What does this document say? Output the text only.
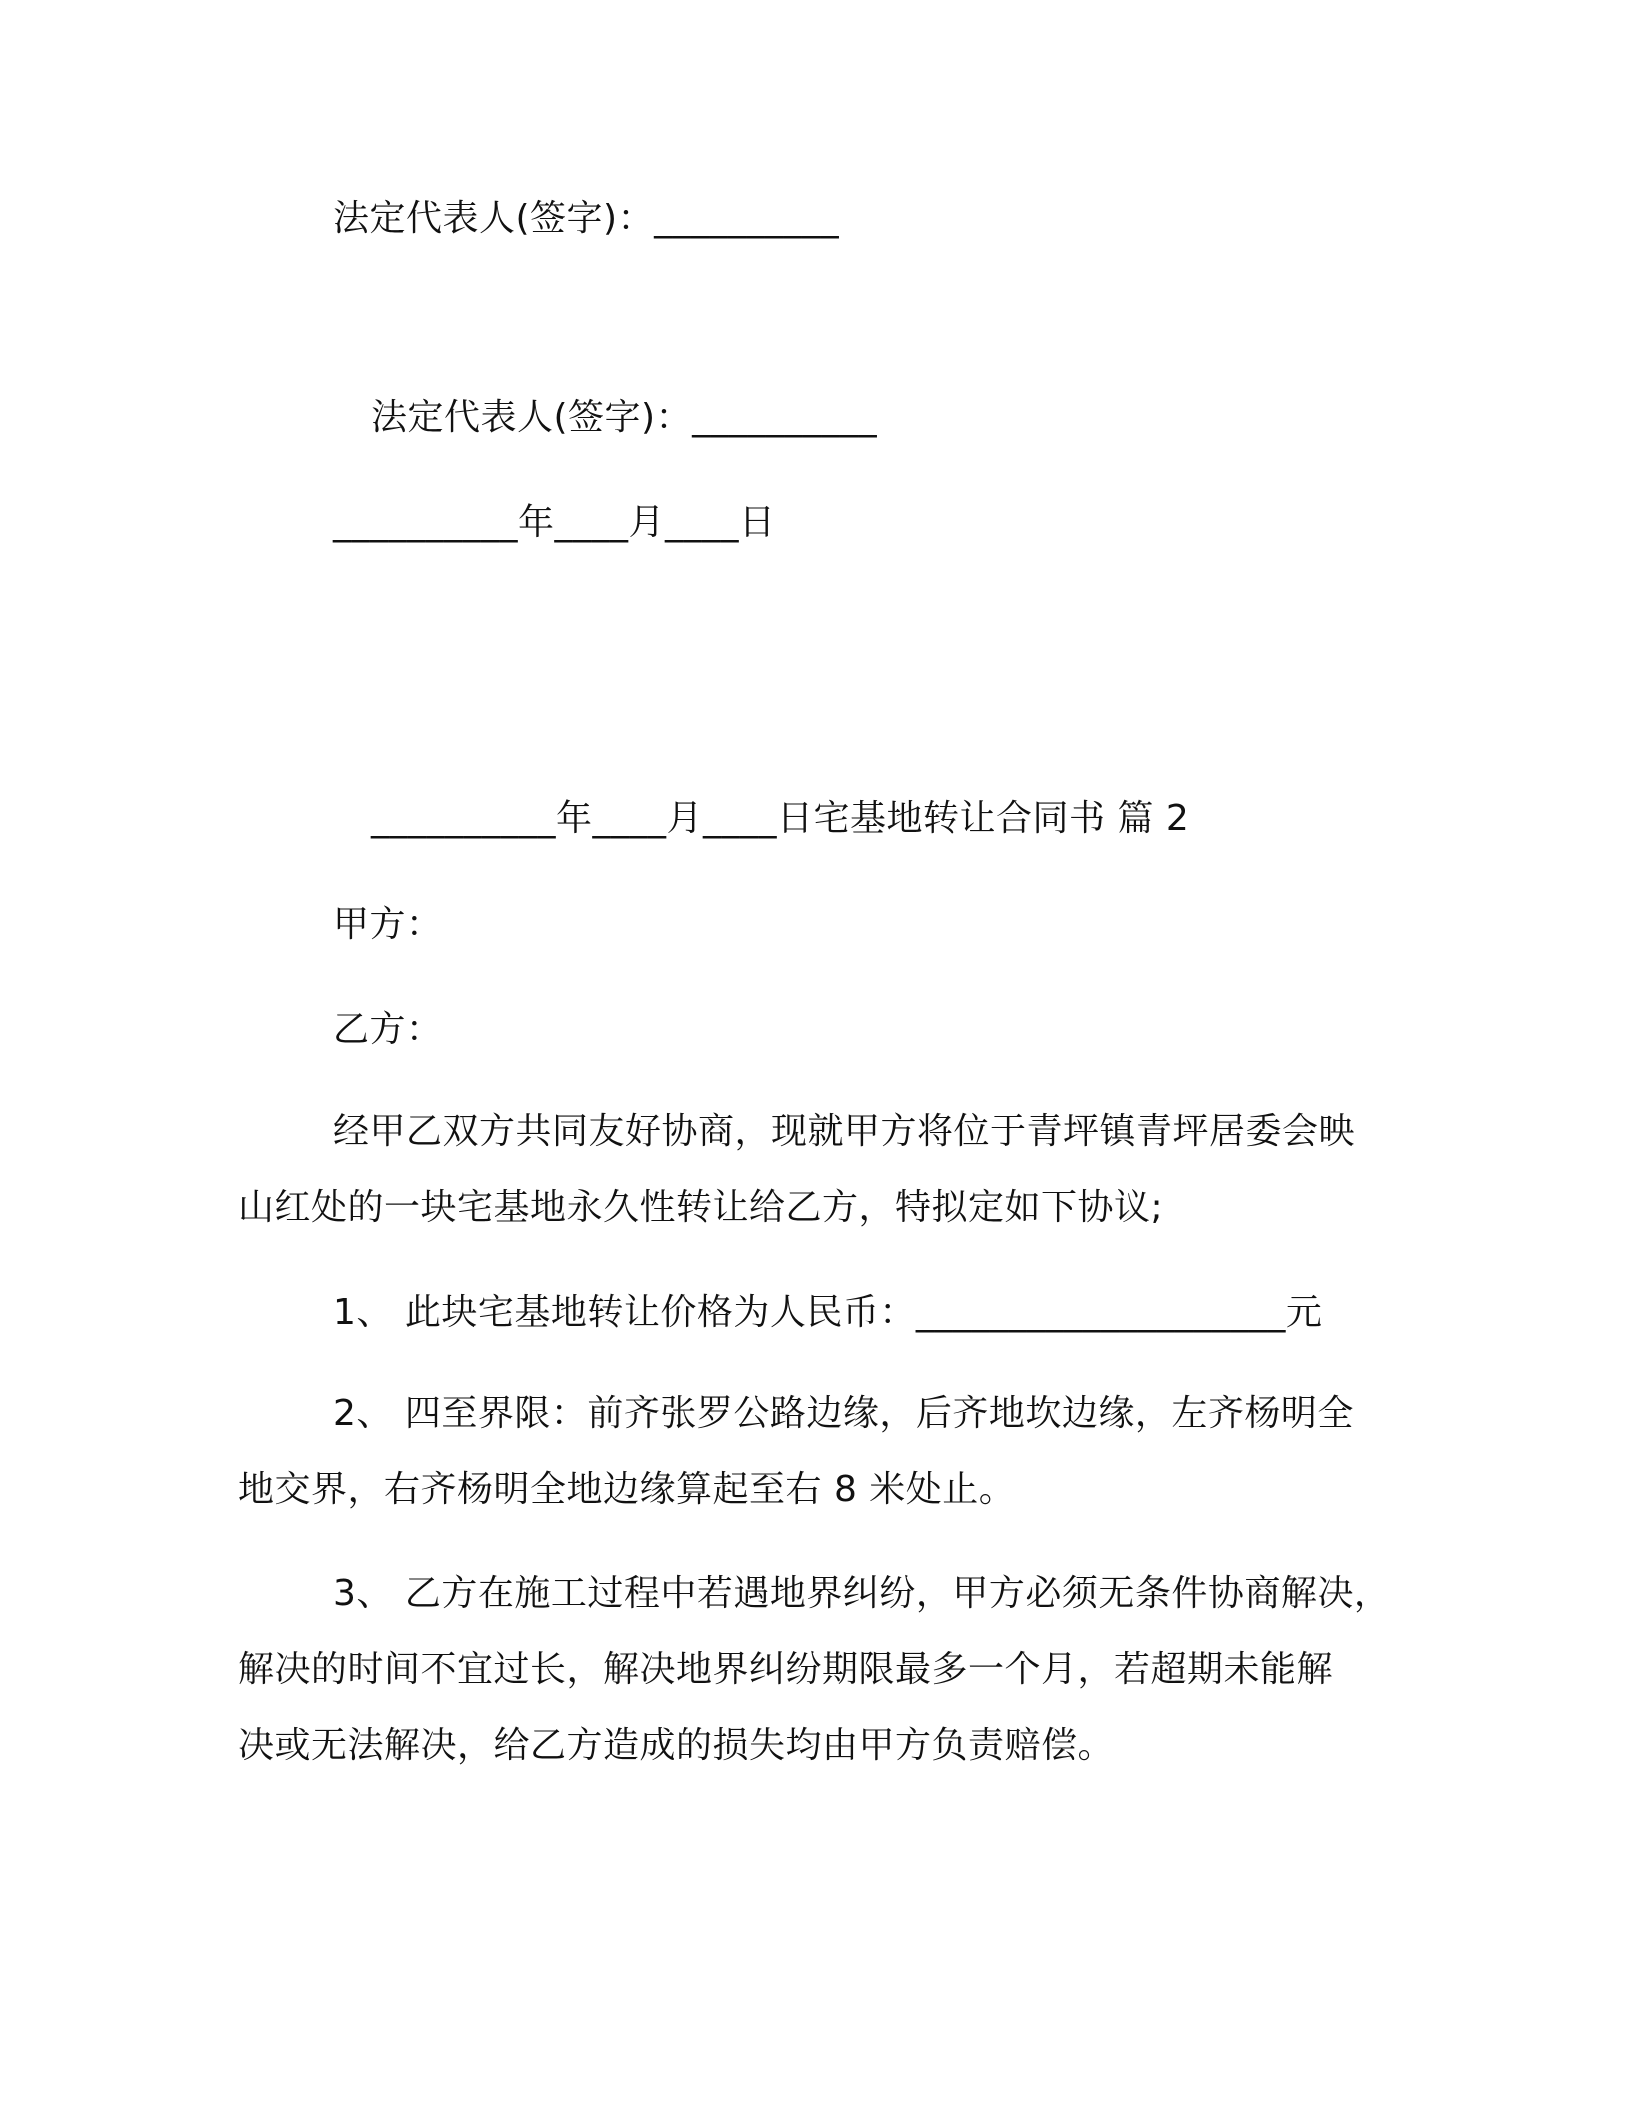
法定代表人(签字)：__________
法定代表人(签字)：__________
__________年____月____日
__________年____月____日宅基地转让合同书 篇 2
甲方：
乙方：
经甲乙双方共同友好协商，现就甲方将位于青坪镇青坪居委会映
山红处的一块宅基地永久性转让给乙方，特拟定如下协议;
1、 此块宅基地转让价格为人民币：____________________元
2、 四至界限：前齐张罗公路边缘，后齐地坎边缘，左齐杨明全
地交界，右齐杨明全地边缘算起至右 8 米处止。
3、 乙方在施工过程中若遇地界纠纷，甲方必须无条件协商解决，
解决的时间不宜过长，解决地界纠纷期限最多一个月，若超期未能解
决或无法解决，给乙方造成的损失均由甲方负责赔偿。
